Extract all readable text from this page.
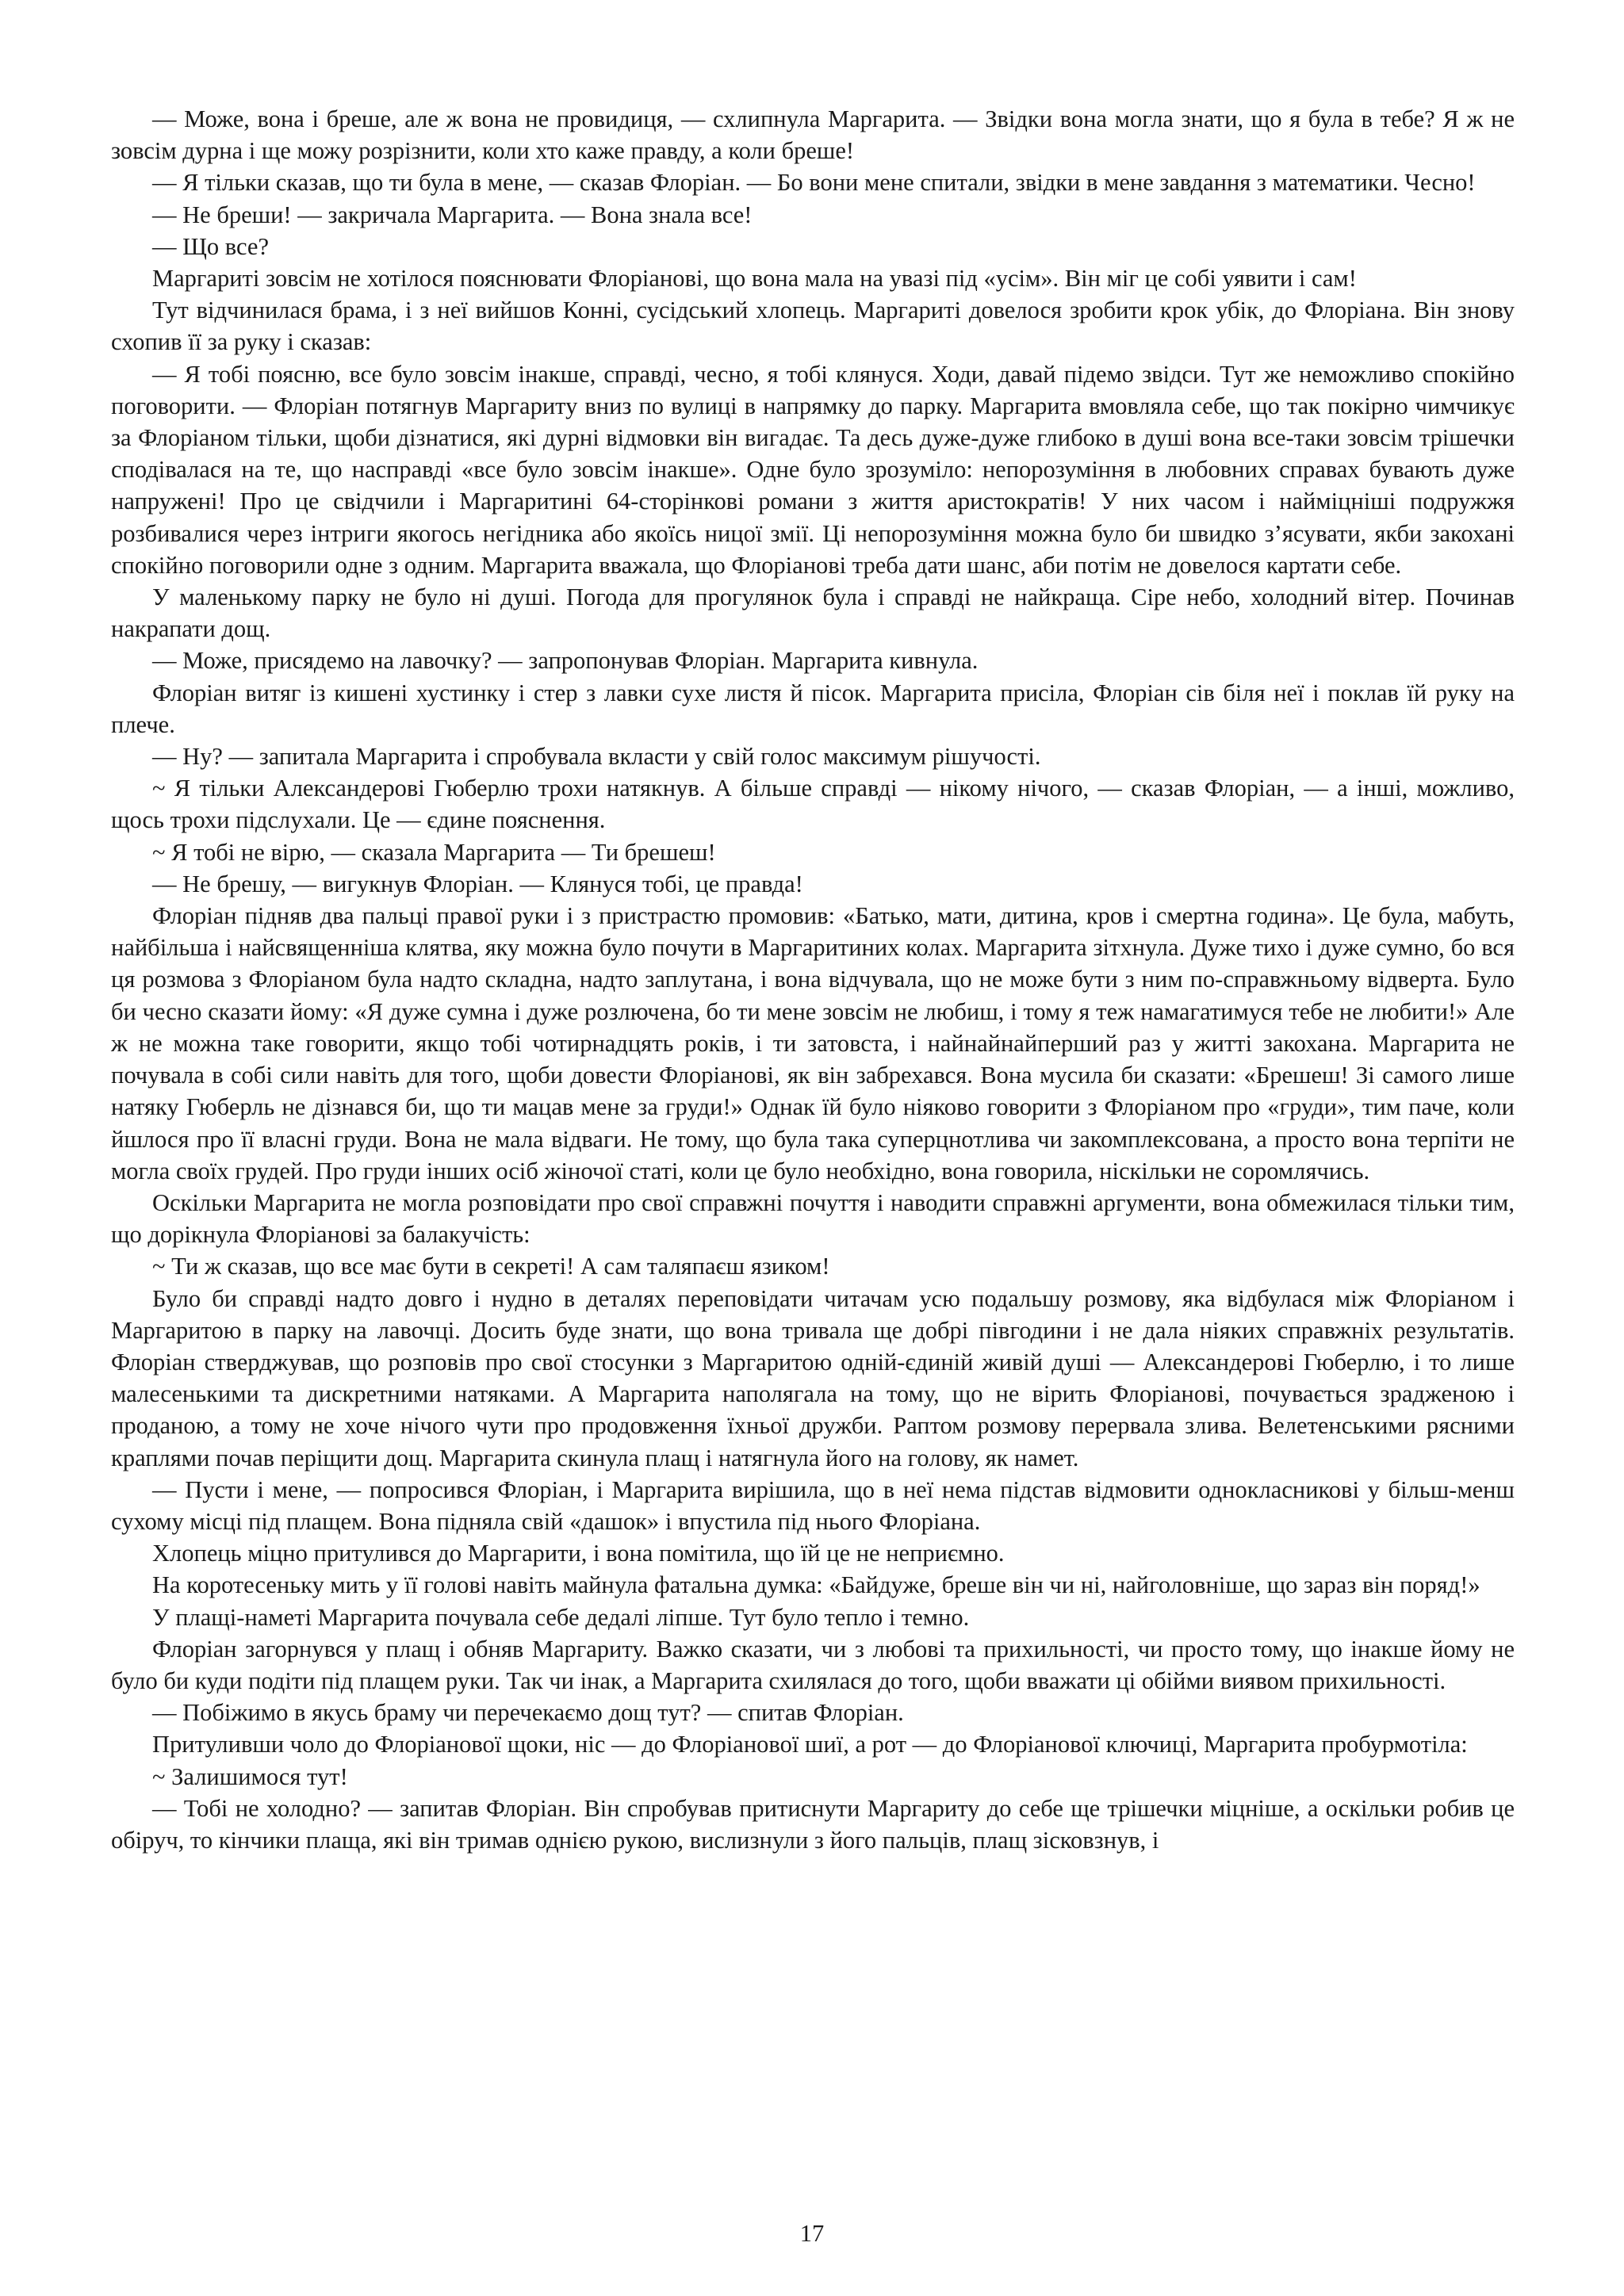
— Може, вона і бреше, але ж вона не провидиця, — схлипнула Маргарита. — Звідки вона могла знати, що я була в тебе? Я ж не зовсім дурна і ще можу розрізнити, коли хто каже правду, а коли бреше!

— Я тільки сказав, що ти була в мене, — сказав Флоріан. — Бо вони мене спитали, звідки в мене завдання з математики. Чесно!

— Не бреши! — закричала Маргарита. — Вона знала все!

— Що все?

Маргариті зовсім не хотілося пояснювати Флоріанові, що вона мала на увазі під «усім». Він міг це собі уявити і сам!

Тут відчинилася брама, і з неї вийшов Конні, сусідський хлопець. Маргариті довелося зробити крок убік, до Флоріана. Він знову схопив її за руку і сказав:

— Я тобі поясню, все було зовсім інакше, справді, чесно, я тобі клянуся. Ходи, давай підемо звідси. Тут же неможливо спокійно поговорити. — Флоріан потягнув Маргариту вниз по вулиці в напрямку до парку. Маргарита вмовляла себе, що так покірно чимчикує за Флоріаном тільки, щоби дізнатися, які дурні відмовки він вигадає. Та десь дуже-дуже глибоко в душі вона все-таки зовсім трішечки сподівалася на те, що насправді «все було зовсім інакше». Одне було зрозуміло: непорозуміння в любовних справах бувають дуже напружені! Про це свідчили і Маргаритині 64-сторінкові романи з життя аристократів! У них часом і наймiцніші подружжя розбивалися через інтриги якогось негідника або якоїсь ницої змії. Ці непорозуміння можна було би швидко з’ясувати, якби закохані спокійно поговорили одне з одним. Маргарита вважала, що Флоріанові треба дати шанс, аби потім не довелося картати себе.

У маленькому парку не було ні душі. Погода для прогулянок була і справді не найкраща. Сіре небо, холодний вітер. Починав накрапати дощ.

— Може, присядемо на лавочку? — запропонував Флоріан. Маргарита кивнула.

Флоріан витяг із кишені хустинку і стер з лавки сухе листя й пісок. Маргарита присіла, Флоріан сів біля неї і поклав їй руку на плече.

— Ну? — запитала Маргарита і спробувала вкласти у свій голос максимум рішучості.

~ Я тільки Александерові Гюберлю трохи натякнув. А більше справді — нікому нічого, — сказав Флоріан, — а інші, можливо, щось трохи підслухали. Це — єдине пояснення.

~ Я тобі не вірю, — сказала Маргарита — Ти брешеш!

— Не брешу, — вигукнув Флоріан. — Клянуся тобі, це правда!

Флоріан підняв два пальці правої руки і з пристрастю промовив: «Батько, мати, дитина, кров і смертна година». Це була, мабуть, найбільша і найсвященніша клятва, яку можна було почути в Маргаритиних колах. Маргарита зітхнула. Дуже тихо і дуже сумно, бо вся ця розмова з Флоріаном була надто складна, надто заплутана, і вона відчувала, що не може бути з ним по-справжньому відверта. Було би чесно сказати йому: «Я дуже сумна і дуже розлючена, бо ти мене зовсім не любиш, і тому я теж намагатимуся тебе не любити!» Але ж не можна таке говорити, якщо тобі чотирнадцять років, і ти затовста, і найнайнайперший раз у житті закохана. Маргарита не почувала в собі сили навіть для того, щоби довести Флоріанові, як він забрехався. Вона мусила би сказати: «Брешеш! Зі самого лише натяку Гюберль не дізнався би, що ти мацав мене за груди!» Однак їй було ніяково говорити з Флоріаном про «груди», тим паче, коли йшлося про її власні груди. Вона не мала відваги. Не тому, що була така суперцнотлива чи закомплексована, а просто вона терпіти не могла своїх грудей. Про груди інших осіб жіночої статі, коли це було необхідно, вона говорила, ніскільки не соромлячись.

Оскільки Маргарита не могла розповідати про свої справжні почуття і наводити справжні аргументи, вона обмежилася тільки тим, що дорікнула Флоріанові за балакучість:

~ Ти ж сказав, що все має бути в секреті! А сам таляпаєш язиком!

Було би справді надто довго і нудно в деталях переповідати читачам усю подальшу розмову, яка відбулася між Флоріаном і Маргаритою в парку на лавочці. Досить буде знати, що вона тривала ще добрі півгодини і не дала ніяких справжніх результатів. Флоріан стверджував, що розповів про свої стосунки з Маргаритою одній-єдиній живій душі — Александерові Гюберлю, і то лише малесенькими та дискретними натяками. А Маргарита наполягала на тому, що не вірить Флоріанові, почувається зрадженою і проданою, а тому не хоче нічого чути про продовження їхньої дружби. Раптом розмову перервала злива. Велетенськими рясними краплями почав періщити дощ. Маргарита скинула плащ і натягнула його на голову, як намет.

— Пусти і мене, — попросився Флоріан, і Маргарита вирішила, що в неї нема підстав відмовити однокласникові у більш-менш сухому місці під плащем. Вона підняла свій «дашок» і впустила під нього Флоріана.

Хлопець міцно притулився до Маргарити, і вона помітила, що їй це не неприємно.

На коротесеньку мить у її голові навіть майнула фатальна думка: «Байдуже, бреше він чи ні, найголовніше, що зараз він поряд!»

У плащі-наметі Маргарита почувала себе дедалі ліпше. Тут було тепло і темно.

Флоріан загорнувся у плащ і обняв Маргариту. Важко сказати, чи з любові та прихильності, чи просто тому, що інакше йому не було би куди подіти під плащем руки. Так чи інак, а Маргарита схилялася до того, щоби вважати ці обійми виявом прихильності.

— Побіжимо в якусь браму чи перечекаємо дощ тут? — спитав Флоріан.

Притуливши чоло до Флоріанової щоки, ніс — до Флоріанової шиї, а рот — до Флоріанової ключиці, Маргарита пробурмотіла:

~ Залишимося тут!

— Тобі не холодно? — запитав Флоріан. Він спробував притиснути Маргариту до себе ще трішечки міцніше, а оскільки робив це обіруч, то кінчики плаща, які він тримав однією рукою, вислизнули з його пальців, плащ зісковзнув, і

17
